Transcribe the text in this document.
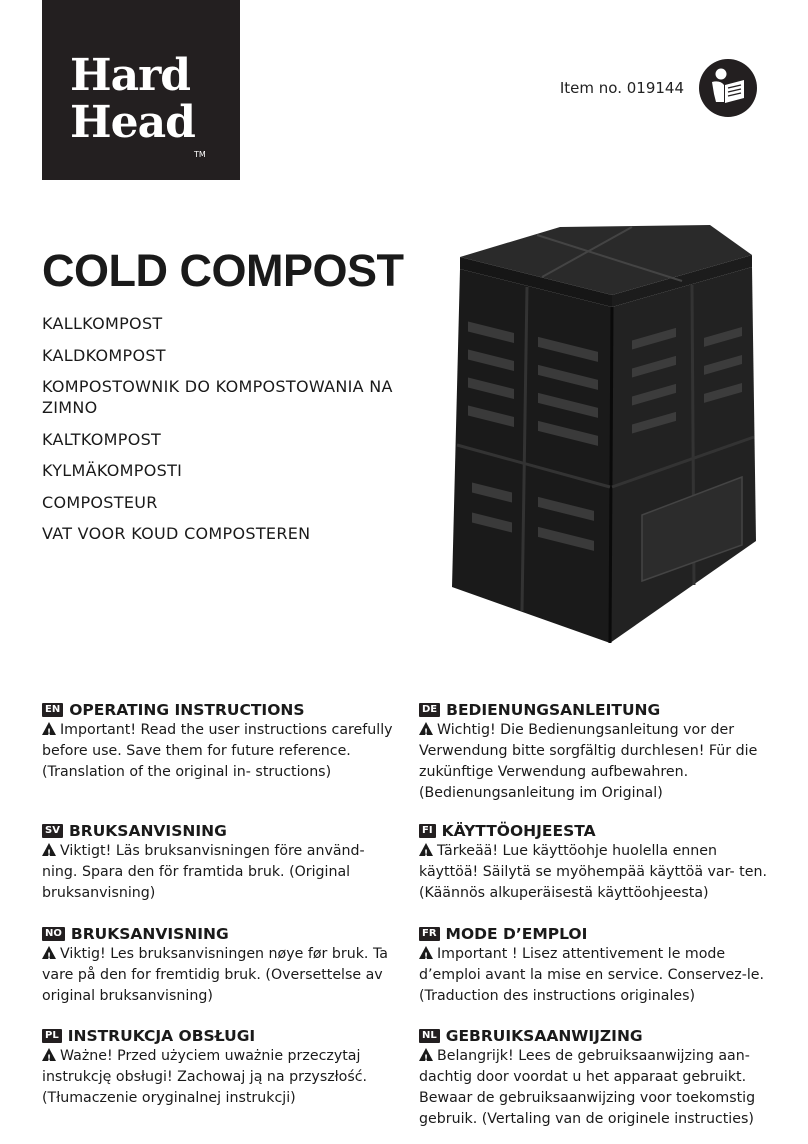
Hard
Head
TM
Item no. 019144
COLD COMPOST
KALLKOMPOST
KALDKOMPOST
KOMPOSTOWNIK DO KOMPOSTOWANIA NA ZIMNO
KALTKOMPOST
KYLMÄKOMPOSTI
COMPOSTEUR
VAT VOOR KOUD COMPOSTEREN
EN OPERATING INSTRUCTIONS
!Important! Read the user instructions carefully before use. Save them for future reference. (Translation of the original in- structions)
SV BRUKSANVISNING
!Viktigt! Läs bruksanvisningen före använd- ning. Spara den för framtida bruk. (Original bruksanvisning)
NO BRUKSANVISNING
!Viktig! Les bruksanvisningen nøye før bruk. Ta vare på den for fremtidig bruk. (Oversettelse av original bruksanvisning)
PL INSTRUKCJA OBSŁUGI
!Ważne! Przed użyciem uważnie przeczytaj instrukcję obsługi! Zachowaj ją na przyszłość. (Tłumaczenie oryginalnej instrukcji)
DE BEDIENUNGSANLEITUNG
!Wichtig! Die Bedienungsanleitung vor der Verwendung bitte sorgfältig durchlesen! Für die zukünftige Verwendung aufbewahren. (Bedienungsanleitung im Original)
FI KÄYTTÖOHJEESTA
!Tärkeää! Lue käyttöohje huolella ennen käyttöä! Säilytä se myöhempää käyttöä var- ten. (Käännös alkuperäisestä käyttöohjeesta)
FR MODE D’EMPLOI
!Important ! Lisez attentivement le mode d’emploi avant la mise en service. Conservez-le. (Traduction des instructions originales)
NL GEBRUIKSAANWIJZING
!Belangrijk! Lees de gebruiksaanwijzing aan- dachtig door voordat u het apparaat gebruikt. Bewaar de gebruiksaanwijzing voor toekomstig gebruik. (Vertaling van de originele instructies)
